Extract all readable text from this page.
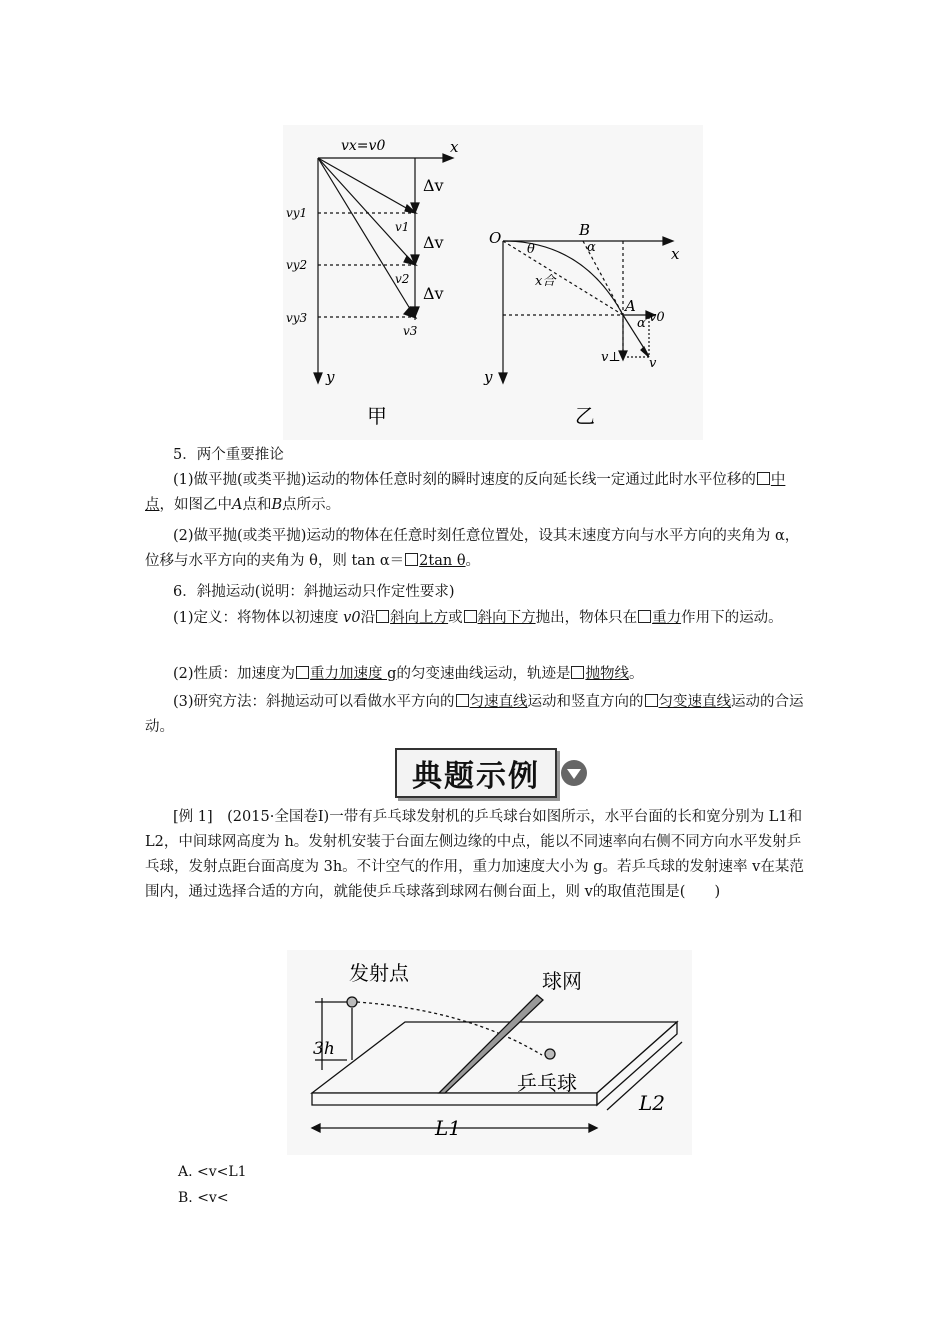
vx=v0	x
y
Δv
Δv
Δv
vy1
vy2
vy3
v1
v2
v3
甲
O	B
A
x
y
θ	α
α
x合
v0
v⊥ v
乙

5．两个重要推论

(1)做平抛(或类平抛)运动的物体任意时刻的瞬时速度的反向延长线一定通过此时水平位移的 中点，如图乙中A点和B点所示。

(2)做平抛(或类平抛)运动的物体在任意时刻任意位置处，设其末速度方向与水平方向的夹角为 α，位移与水平方向的夹角为 θ，则 tan α＝ 2tan θ。

6．斜抛运动(说明：斜抛运动只作定性要求)

(1)定义：将物体以初速度 v0沿 斜向上方或 斜向下方抛出，物体只在 重力作用下的运动。

(2)性质：加速度为 重力加速度 g的匀变速曲线运动，轨迹是 抛物线。

(3)研究方法：斜抛运动可以看做水平方向的 匀速直线运动和竖直方向的 匀变速直线运动的合运动。

典题示例

[例 1]　(2015·全国卷Ⅰ)一带有乒乓球发射机的乒乓球台如图所示，水平台面的长和宽分别为 L1和 L2，中间球网高度为 h。发射机安装于台面左侧边缘的中点，能以不同速率向右侧不同方向水平发射乒乓球，发射点距台面高度为 3h。不计空气的作用，重力加速度大小为 g。若乒乓球的发射速率 v在某范围内，通过选择合适的方向，就能使乒乓球落到球网右侧台面上，则 v的取值范围是(　　)

发射点	球网
乒乓球
3h
L1
L2
A. <v<L1
B. <v<
